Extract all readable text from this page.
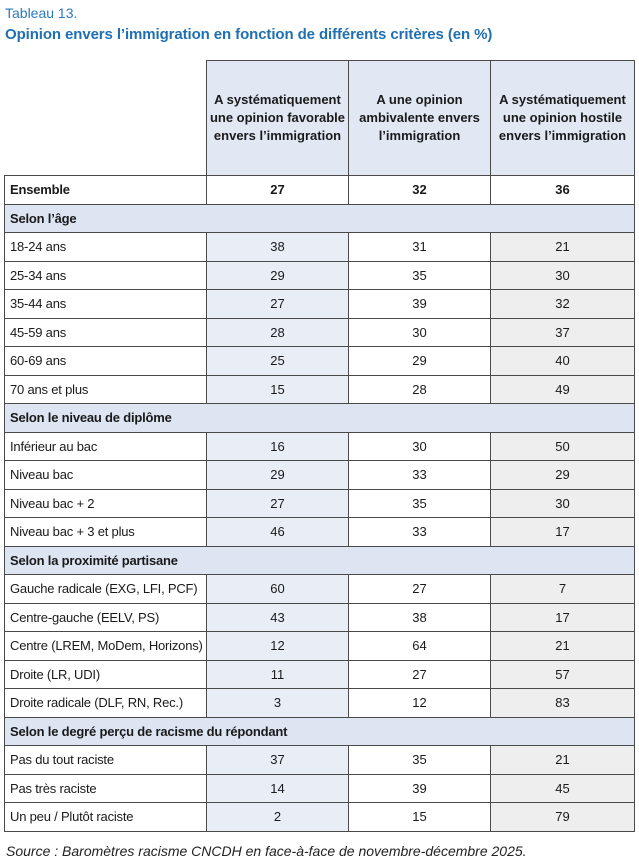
Tableau 13.
Opinion envers l’immigration en fonction de différents critères (en %)
	A systématiquement une opinion favorable envers l’immigration	A une opinion ambivalente envers l’immigration	A systématiquement une opinion hostile envers l’immigration
Ensemble	27	32	36
Selon l’âge			
18-24 ans	38	31	21
25-34 ans	29	35	30
35-44 ans	27	39	32
45-59 ans	28	30	37
60-69 ans	25	29	40
70 ans et plus	15	28	49
Selon le niveau de diplôme			
Inférieur au bac	16	30	50
Niveau bac	29	33	29
Niveau bac + 2	27	35	30
Niveau bac + 3 et plus	46	33	17
Selon la proximité partisane			
Gauche radicale (EXG, LFI, PCF)	60	27	7
Centre-gauche (EELV, PS)	43	38	17
Centre (LREM, MoDem, Horizons)	12	64	21
Droite (LR, UDI)	11	27	57
Droite radicale (DLF, RN, Rec.)	3	12	83
Selon le degré perçu de racisme du répondant			
Pas du tout raciste	37	35	21
Pas très raciste	14	39	45
Un peu / Plutôt raciste	2	15	79
Source : Baromètres racisme CNCDH en face-à-face de novembre-décembre 2025.
